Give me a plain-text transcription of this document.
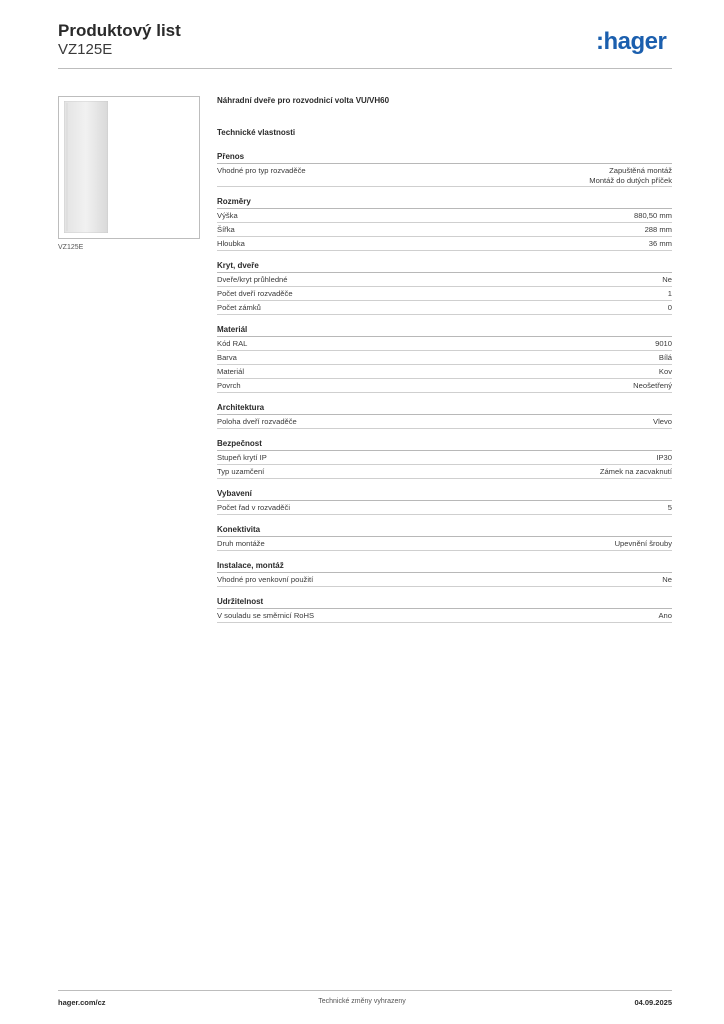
Produktový list
VZ125E	:hager
VZ125E
Náhradní dveře pro rozvodnicí volta VU/VH60
Technické vlastnosti
Přenos
Vhodné pro typ rozvaděče	Zapuštěná montáž
Montáž do dutých příček
Rozměry
Výška	880,50 mm
Šířka	288 mm
Hloubka	36 mm
Kryt, dveře
Dveře/kryt průhledné	Ne
Počet dveří rozvaděče	1
Počet zámků	0
Materiál
Kód RAL	9010
Barva	Bílá
Materiál	Kov
Povrch	Neošetřený
Architektura
Poloha dveří rozvaděče	Vlevo
Bezpečnost
Stupeň krytí IP	IP30
Typ uzamčení	Zámek na zacvaknutí
Vybavení
Počet řad v rozvaděči	5
Konektivita
Druh montáže	Upevnění šrouby
Instalace, montáž
Vhodné pro venkovní použití	Ne
Udržitelnost
V souladu se směrnicí RoHS	Ano
hager.com/cz	Technické změny vyhrazeny	04.09.2025
